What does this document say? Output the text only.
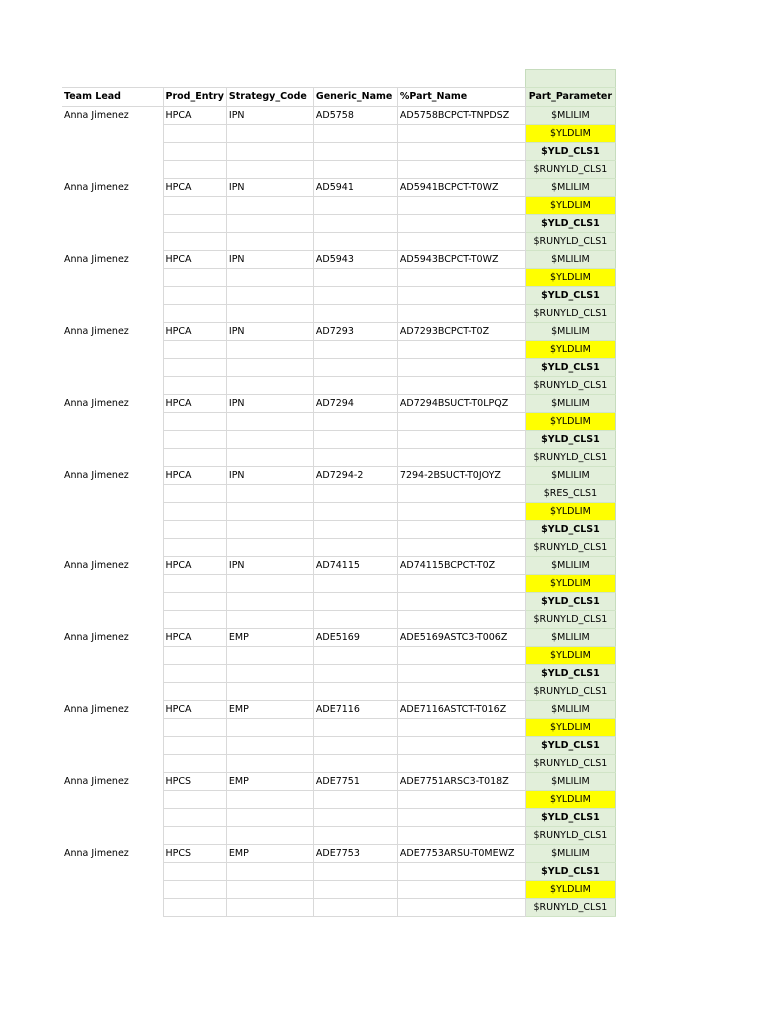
Team Lead	Prod_Entry	Strategy_Code	Generic_Name	%Part_Name	Part_Parameter
Anna Jimenez	HPCA	IPN	AD5758	AD5758BCPCT-TNPDSZ	$MLILIM
					$YLDLIM
					$YLD_CLS1
					$RUNYLD_CLS1
Anna Jimenez	HPCA	IPN	AD5941	AD5941BCPCT-T0WZ	$MLILIM
					$YLDLIM
					$YLD_CLS1
					$RUNYLD_CLS1
Anna Jimenez	HPCA	IPN	AD5943	AD5943BCPCT-T0WZ	$MLILIM
					$YLDLIM
					$YLD_CLS1
					$RUNYLD_CLS1
Anna Jimenez	HPCA	IPN	AD7293	AD7293BCPCT-T0Z	$MLILIM
					$YLDLIM
					$YLD_CLS1
					$RUNYLD_CLS1
Anna Jimenez	HPCA	IPN	AD7294	AD7294BSUCT-T0LPQZ	$MLILIM
					$YLDLIM
					$YLD_CLS1
					$RUNYLD_CLS1
Anna Jimenez	HPCA	IPN	AD7294-2	7294-2BSUCT-T0JOYZ	$MLILIM
					$RES_CLS1
					$YLDLIM
					$YLD_CLS1
					$RUNYLD_CLS1
Anna Jimenez	HPCA	IPN	AD74115	AD74115BCPCT-T0Z	$MLILIM
					$YLDLIM
					$YLD_CLS1
					$RUNYLD_CLS1
Anna Jimenez	HPCA	EMP	ADE5169	ADE5169ASTC3-T006Z	$MLILIM
					$YLDLIM
					$YLD_CLS1
					$RUNYLD_CLS1
Anna Jimenez	HPCA	EMP	ADE7116	ADE7116ASTCT-T016Z	$MLILIM
					$YLDLIM
					$YLD_CLS1
					$RUNYLD_CLS1
Anna Jimenez	HPCS	EMP	ADE7751	ADE7751ARSC3-T018Z	$MLILIM
					$YLDLIM
					$YLD_CLS1
					$RUNYLD_CLS1
Anna Jimenez	HPCS	EMP	ADE7753	ADE7753ARSU-T0MEWZ	$MLILIM
					$YLD_CLS1
					$YLDLIM
					$RUNYLD_CLS1
